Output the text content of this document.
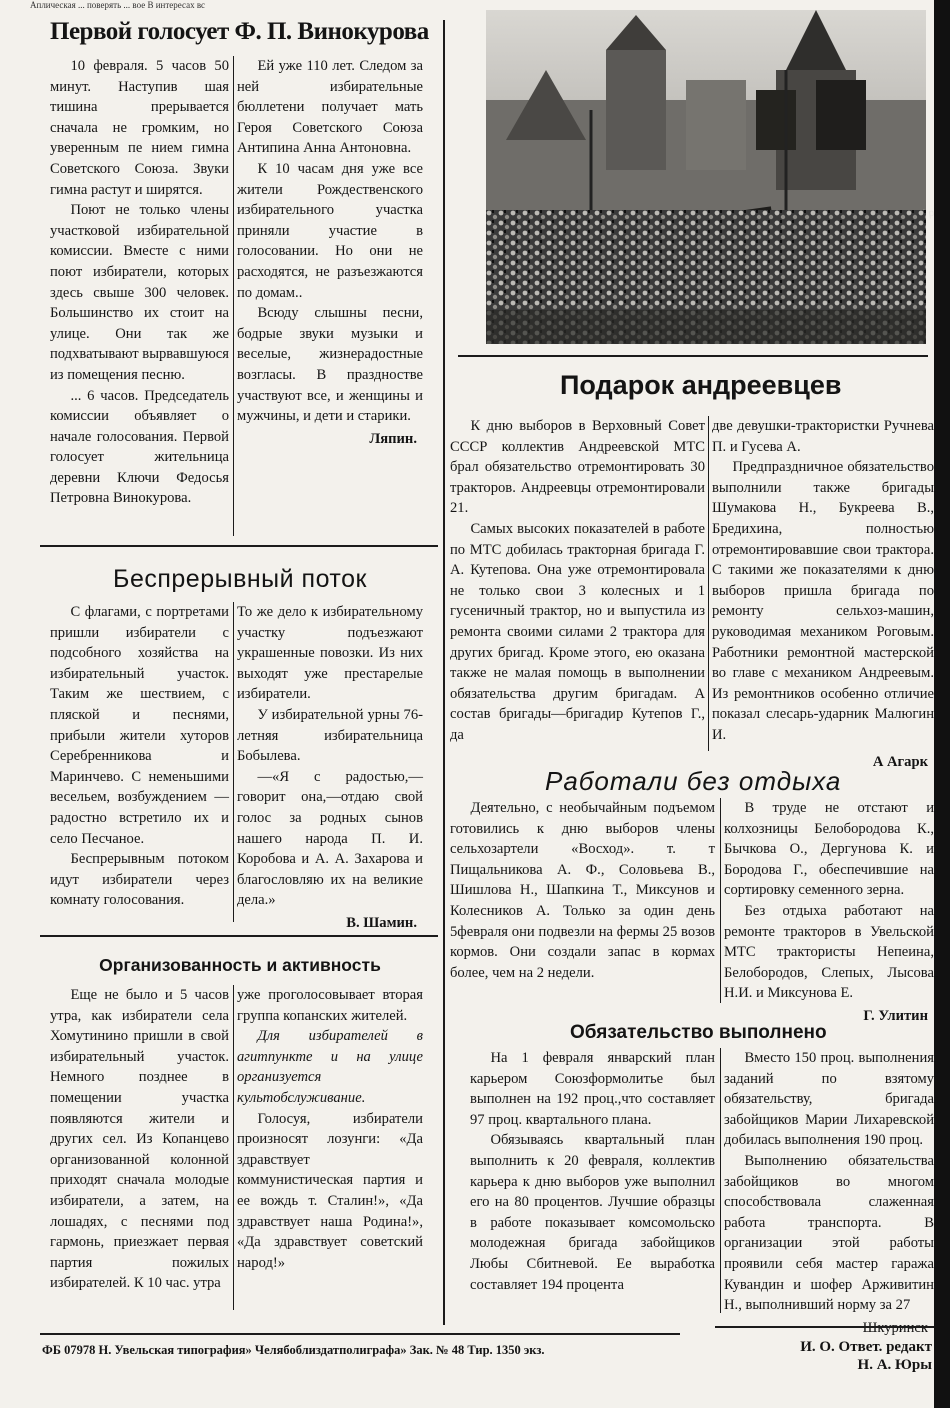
Аплическая ... поверять ... вое В интересах вс
Первой голосует Ф. П. Винокурова

10 февраля. 5 часов 50 минут. Наступив шая тишина прерывается сначала не громким, но уверенным пе нием гимна Советского Союза. Звуки гимна растут и ширятся.

Поют не только члены участковой избирательной комиссии. Вместе с ними поют избиратели, которых здесь свыше 300 человек. Большинство их стоит на улице. Они так же подхватывают вырвавшуюся из помещения песню.

... 6 часов. Председатель комиссии объявляет о начале голосования. Первой голосует жительница деревни Ключи Федосья Петровна Винокурова.

Ей уже 110 лет. Следом за ней избирательные бюллетени получает мать Героя Советского Союза Антипина Анна Антоновна.

К 10 часам дня уже все жители Рождественского избирательного участка приняли участие в голосовании. Но они не расходятся, не разъезжаются по домам..

Всюду слышны песни, бодрые звуки музыки и веселые, жизнерадостные возгласы. В праздностве участвуют все, и женщины и мужчины, и дети и старики.

Ляпин.
Беспрерывный поток

С флагами, с портретами пришли избиратели с подсобного хозяйства на избирательный участок. Таким же шествием, с пляской и песнями, прибыли жители хуторов Серебренникова и Маринчево. С неменьшими весельем, возбуждением — радостно встретило их и село Песчаное.

Беспрерывным потоком идут избиратели через комнату голосования.

То же дело к избирательному участку подъезжают украшенные повозки. Из них выходят уже престарелые избиратели.

У избирательной урны 76-летняя избирательница Бобылева.

—«Я с радостью,—говорит она,—отдаю свой голос за родных сынов нашего народа П. И. Коробова и А. А. Захарова и благословляю их на великие дела.»

В. Шамин.
Организованность и активность

Еще не было и 5 часов утра, как избиратели села Хомутинино пришли в свой избирательный участок. Немного позднее в помещении участка появляются жители и других сел. Из Копанцево организованной колонной приходят сначала молодые избиратели, а затем, на лошадях, с песнями под гармонь, приезжает первая партия пожилых избирателей. К 10 час. утра

уже проголосовывает вторая группа копанских жителей.

Для избирателей в агитпункте и на улице организуется культобслуживание.

Голосуя, избиратели произносят лозунги: «Да здравствует коммунистическая партия и ее вождь т. Сталин!», «Да здравствует наша Родина!», «Да здравствует советский народ!»

Подарок андреевцев

К дню выборов в Верховный Совет СССР коллектив Андреевской МТС брал обязательство отремонтировать 30 тракторов. Андреевцы отремонтировали 21.

Самых высоких показателей в работе по МТС добилась тракторная бригада Г. А. Кутепова. Она уже отремонтировала не только свои 3 колесных и 1 гусеничный трактор, но и выпустила из ремонта своими силами 2 трактора для других бригад. Кроме этого, ею оказана также не малая помощь в выполнении обязательства другим бригадам. А состав бригады—бригадир Кутепов Г., да

две девушки-трактористки Ручнева П. и Гусева А.

Предпраздничное обязательство выполнили также бригады Шумакова Н., Букреева В., Бредихина, полностью отремонтировавшие свои трактора. С такими же показателями к дню выборов пришла бригада по ремонту сельхоз-машин, руководимая механиком Роговым. Работники ремонтной мастерской во главе с механиком Андреевым. Из ремонтников особенно отличие показал слесарь-ударник Малюгин И.

А Агарк
Работали без отдыха

Деятельно, с необычайным подъемом готовились к дню выборов члены сельхозартели «Восход». т. т Пищальникова А. Ф., Соловьева В., Шишлова Н., Шапкина Т., Миксунов и Колесников А. Только за один день 5февраля они подвезли на фермы 25 возов кормов. Они создали запас в кормах более, чем на 2 недели.

В труде не отстают и колхозницы Белобородова К., Бычкова О., Дергунова К. и Бородова Г., обеспечившие на сортировку семенного зерна.

Без отдыха работают на ремонте тракторов в Увельской МТС трактористы Непеина, Белобородов, Слепых, Лысова Н.И. и Миксунова Е.

Г. Улитин
Обязательство выполнено

На 1 февраля январский план карьером Союзформолитье был выполнен на 192 проц.,что составляет 97 проц. квартального плана.

Обязываясь квартальный план выполнить к 20 февраля, коллектив карьера к дню выборов уже выполнил его на 80 процентов. Лучшие образцы в работе показывает комсомольско молодежная бригада забойщиков Любы Сбитневой. Ее выработка составляет 194 процента

Вместо 150 проц. выполнения заданий по взятому обязательству, бригада забойщиков Марии Лихаревской добилась выполнения 190 проц.

Выполнению обязательства забойщиков во многом способствовала слаженная работа транспорта. В организации этой работы проявили себя мастер гаража Кувандин и шофер Арживитин Н., выполнивший норму за 27

ФБ 07978 Н. Увельская типография» Челябоблиздатполиграфа» Зак. № 48 Тир. 1350 экз.	И. О. Ответ. редакт
Н. А. Юры
